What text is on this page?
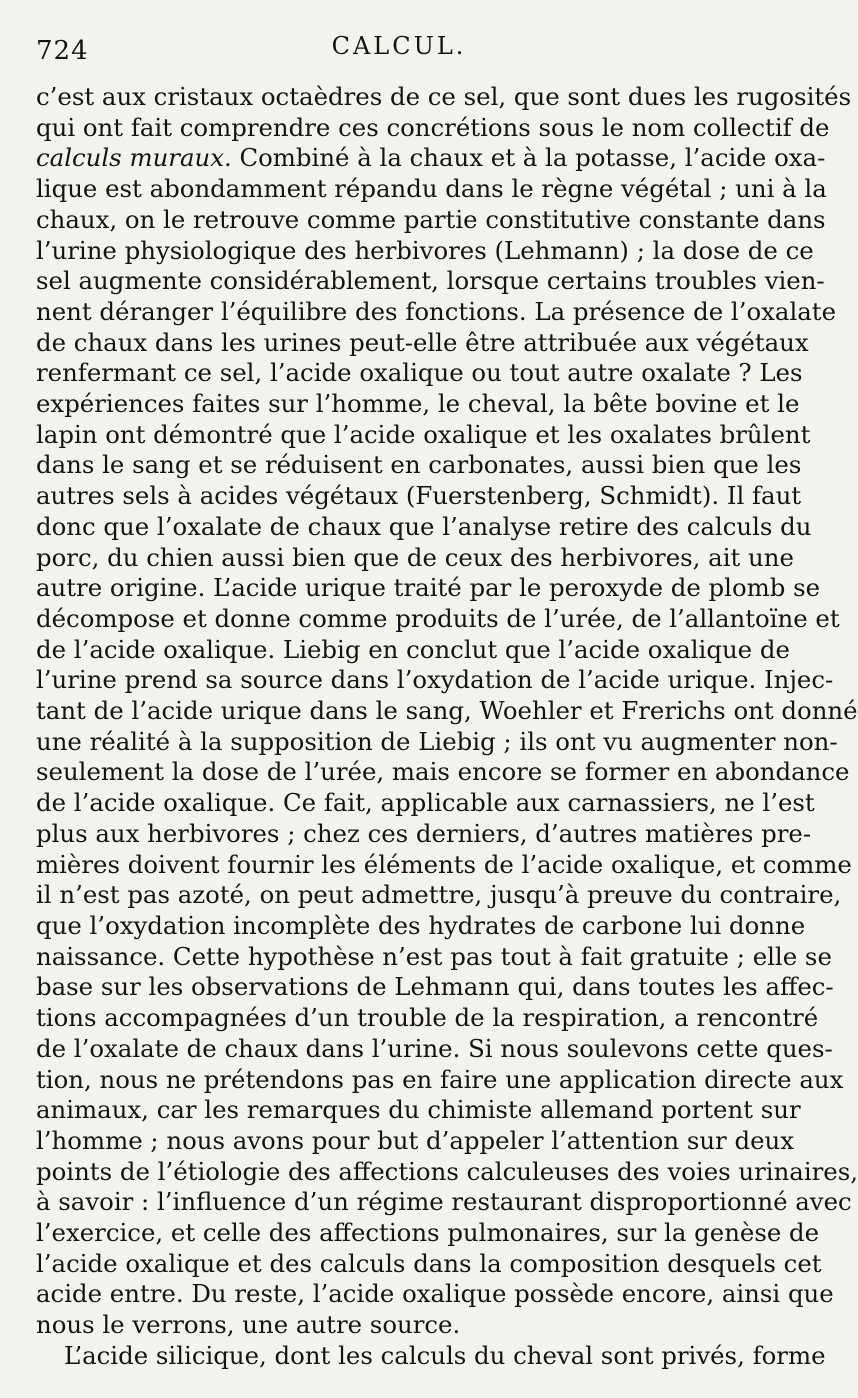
724	CALCUL.
c’est aux cristaux octaèdres de ce sel, que sont dues les rugosités
qui ont fait comprendre ces concrétions sous le nom collectif de
calculs muraux. Combiné à la chaux et à la potasse, l’acide oxa-
lique est abondamment répandu dans le règne végétal ; uni à la
chaux, on le retrouve comme partie constitutive constante dans
l’urine physiologique des herbivores (Lehmann) ; la dose de ce
sel augmente considérablement, lorsque certains troubles vien-
nent déranger l’équilibre des fonctions. La présence de l’oxalate
de chaux dans les urines peut-elle être attribuée aux végétaux
renfermant ce sel, l’acide oxalique ou tout autre oxalate ? Les
expériences faites sur l’homme, le cheval, la bête bovine et le
lapin ont démontré que l’acide oxalique et les oxalates brûlent
dans le sang et se réduisent en carbonates, aussi bien que les
autres sels à acides végétaux (Fuerstenberg, Schmidt). Il faut
donc que l’oxalate de chaux que l’analyse retire des calculs du
porc, du chien aussi bien que de ceux des herbivores, ait une
autre origine. L’acide urique traité par le peroxyde de plomb se
décompose et donne comme produits de l’urée, de l’allantoïne et
de l’acide oxalique. Liebig en conclut que l’acide oxalique de
l’urine prend sa source dans l’oxydation de l’acide urique. Injec-
tant de l’acide urique dans le sang, Woehler et Frerichs ont donné
une réalité à la supposition de Liebig ; ils ont vu augmenter non-
seulement la dose de l’urée, mais encore se former en abondance
de l’acide oxalique. Ce fait, applicable aux carnassiers, ne l’est
plus aux herbivores ; chez ces derniers, d’autres matières pre-
mières doivent fournir les éléments de l’acide oxalique, et comme
il n’est pas azoté, on peut admettre, jusqu’à preuve du contraire,
que l’oxydation incomplète des hydrates de carbone lui donne
naissance. Cette hypothèse n’est pas tout à fait gratuite ; elle se
base sur les observations de Lehmann qui, dans toutes les affec-
tions accompagnées d’un trouble de la respiration, a rencontré
de l’oxalate de chaux dans l’urine. Si nous soulevons cette ques-
tion, nous ne prétendons pas en faire une application directe aux
animaux, car les remarques du chimiste allemand portent sur
l’homme ; nous avons pour but d’appeler l’attention sur deux
points de l’étiologie des affections calculeuses des voies urinaires,
à savoir : l’influence d’un régime restaurant disproportionné avec
l’exercice, et celle des affections pulmonaires, sur la genèse de
l’acide oxalique et des calculs dans la composition desquels cet
acide entre. Du reste, l’acide oxalique possède encore, ainsi que
nous le verrons, une autre source.
L’acide silicique, dont les calculs du cheval sont privés, forme
